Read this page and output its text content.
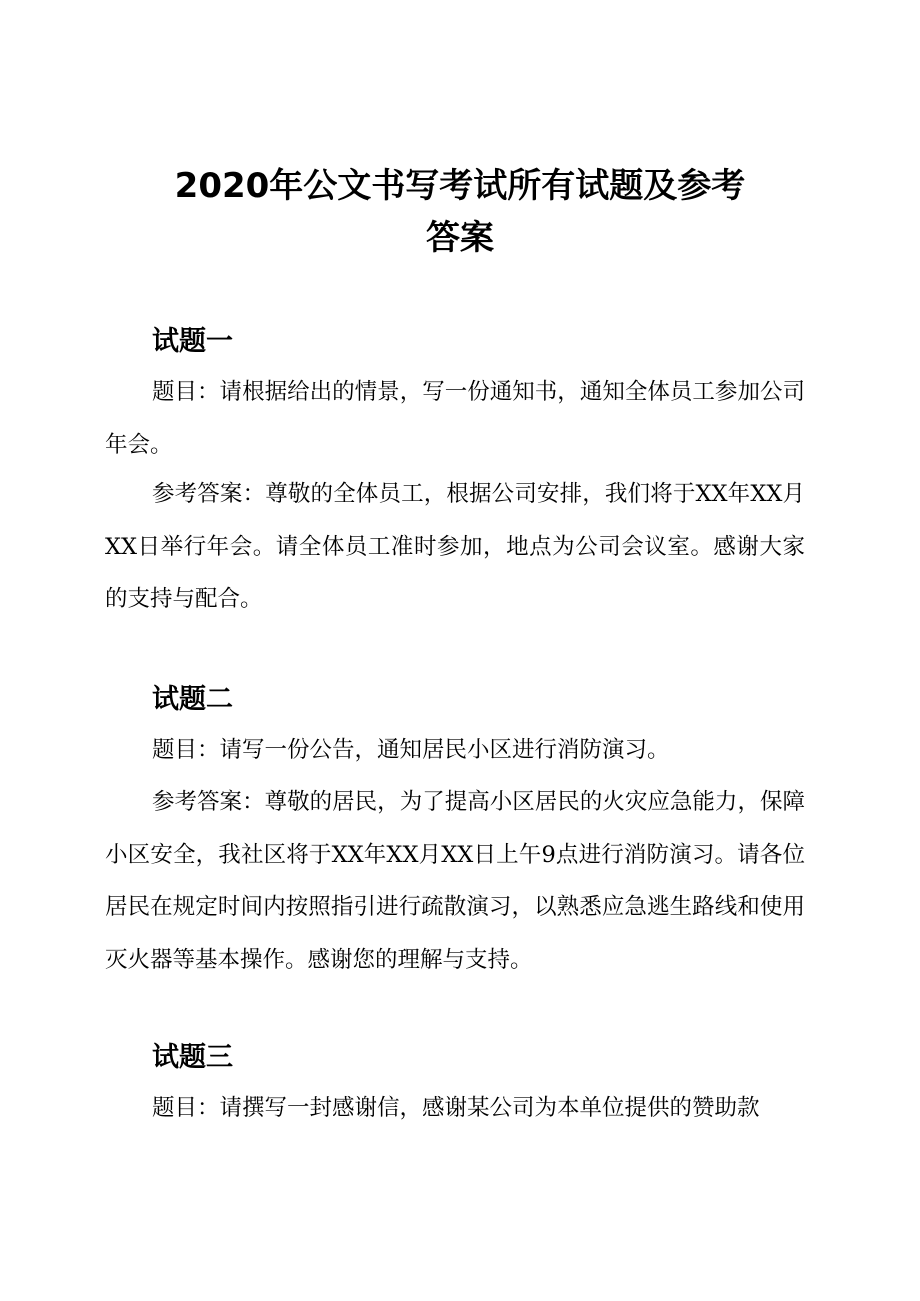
2020年公文书写考试所有试题及参考答案
试题一

题目：请根据给出的情景，写一份通知书，通知全体员工参加公司年会。

参考答案：尊敬的全体员工，根据公司安排，我们将于XX年XX月XX日举行年会。请全体员工准时参加，地点为公司会议室。感谢大家的支持与配合。

试题二

题目：请写一份公告，通知居民小区进行消防演习。

参考答案：尊敬的居民，为了提高小区居民的火灾应急能力，保障小区安全，我社区将于XX年XX月XX日上午9点进行消防演习。请各位居民在规定时间内按照指引进行疏散演习，以熟悉应急逃生路线和使用灭火器等基本操作。感谢您的理解与支持。

试题三

题目：请撰写一封感谢信，感谢某公司为本单位提供的赞助款
